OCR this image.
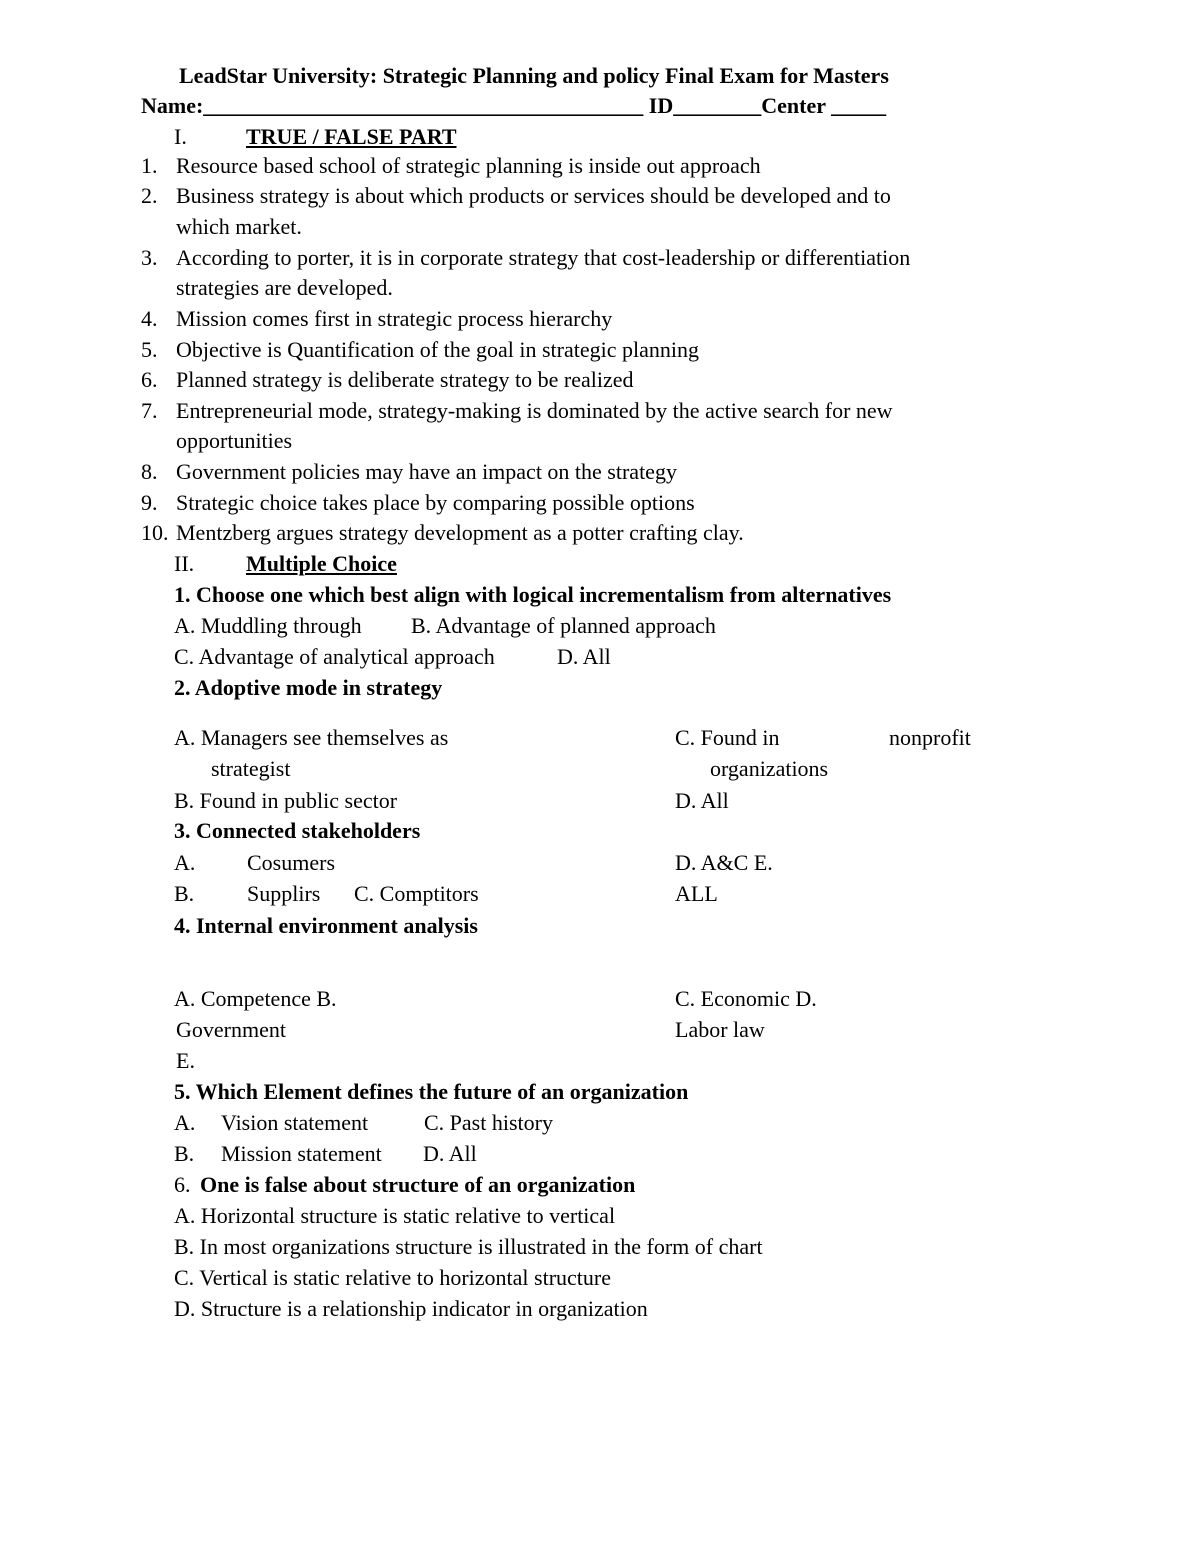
LeadStar University: Strategic Planning and policy Final Exam for Masters
Name:________________________________________ ID________Center _____
I.	TRUE / FALSE PART
1. Resource based school of strategic planning is inside out approach
2. Business strategy is about which products or services should be developed and to
which market.
3. According to porter, it is in corporate strategy that cost-leadership or differentiation
strategies are developed.
4. Mission comes first in strategic process hierarchy
5. Objective is Quantification of the goal in strategic planning
6. Planned strategy is deliberate strategy to be realized
7. Entrepreneurial mode, strategy-making is dominated by the active search for new
opportunities
8. Government policies may have an impact on the strategy
9. Strategic choice takes place by comparing possible options
10. Mentzberg argues strategy development as a potter crafting clay.
II. Multiple Choice
1. Choose one which best align with logical incrementalism from alternatives
A. Muddling through B. Advantage of planned approach
C. Advantage of analytical approach	D. All
2. Adoptive mode in strategy
A. Managers see themselves as
strategist
C. Found in	nonprofit
organizations
B. Found in public sector	D. All
3. Connected stakeholders
A. Cosumers	D. A&C E.
B. Supplirs C. Comptitors	ALL
4. Internal environment analysis
A. Competence B.
Government
E.
C. Economic D.
Labor law
5. Which Element defines the future of an organization
A. Vision statement	C. Past history
B. Mission statement D. All
6. One is false about structure of an organization
A. Horizontal structure is static relative to vertical
B. In most organizations structure is illustrated in the form of chart
C. Vertical is static relative to horizontal structure
D. Structure is a relationship indicator in organization
